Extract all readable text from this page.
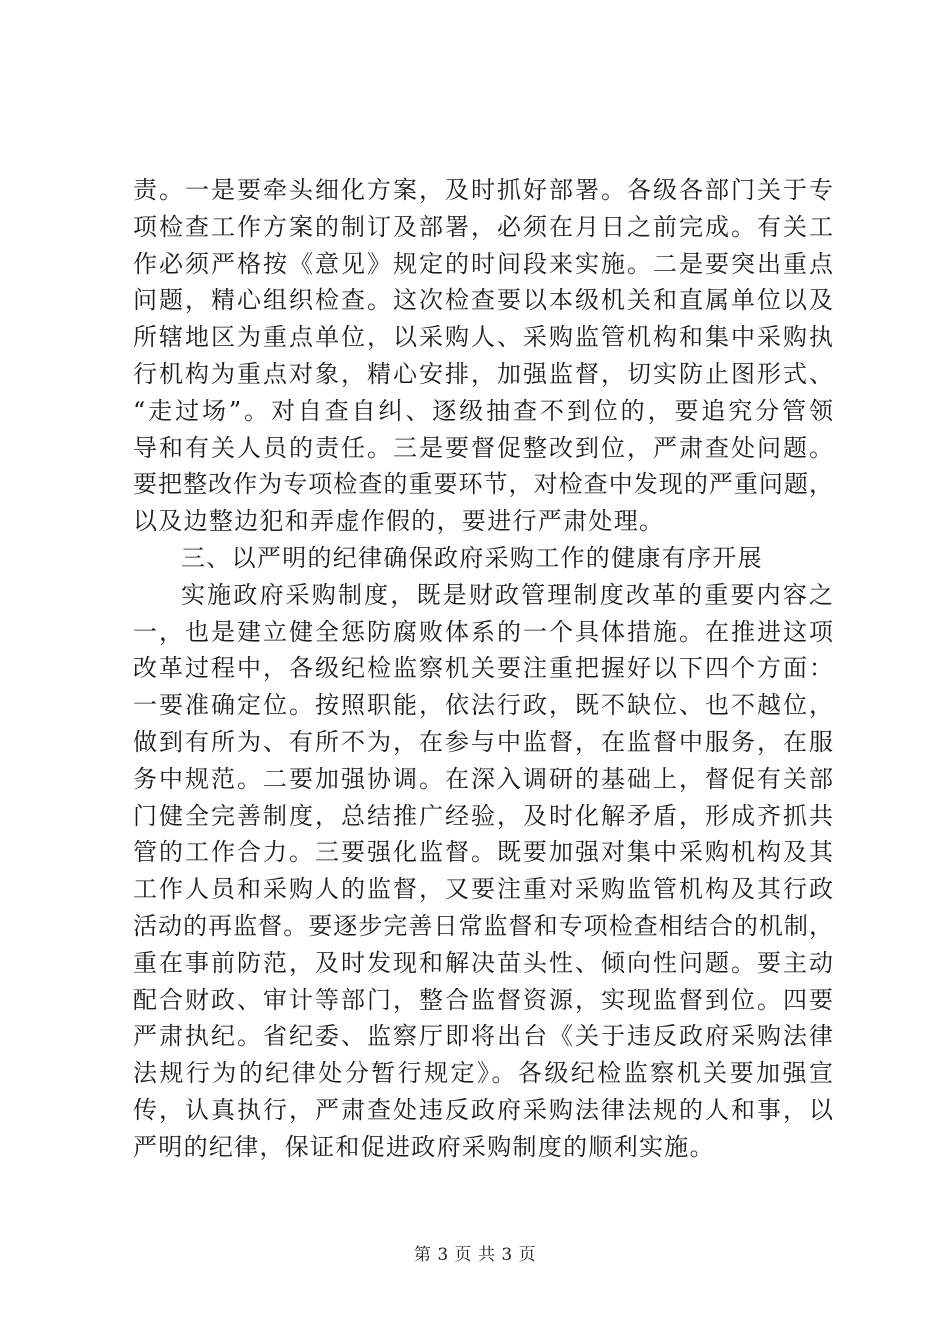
责。一是要牵头细化方案，及时抓好部署。各级各部门关于专
项检查工作方案的制订及部署，必须在月日之前完成。有关工
作必须严格按《意见》规定的时间段来实施。二是要突出重点
问题，精心组织检查。这次检查要以本级机关和直属单位以及
所辖地区为重点单位，以采购人、采购监管机构和集中采购执
行机构为重点对象，精心安排，加强监督，切实防止图形式、
“走过场”。对自查自纠、逐级抽查不到位的，要追究分管领
导和有关人员的责任。三是要督促整改到位，严肃查处问题。
要把整改作为专项检查的重要环节，对检查中发现的严重问题，
以及边整边犯和弄虚作假的，要进行严肃处理。
三、以严明的纪律确保政府采购工作的健康有序开展
实施政府采购制度，既是财政管理制度改革的重要内容之
一，也是建立健全惩防腐败体系的一个具体措施。在推进这项
改革过程中，各级纪检监察机关要注重把握好以下四个方面：
一要准确定位。按照职能，依法行政，既不缺位、也不越位，
做到有所为、有所不为，在参与中监督，在监督中服务，在服
务中规范。二要加强协调。在深入调研的基础上，督促有关部
门健全完善制度，总结推广经验，及时化解矛盾，形成齐抓共
管的工作合力。三要强化监督。既要加强对集中采购机构及其
工作人员和采购人的监督，又要注重对采购监管机构及其行政
活动的再监督。要逐步完善日常监督和专项检查相结合的机制，
重在事前防范，及时发现和解决苗头性、倾向性问题。要主动
配合财政、审计等部门，整合监督资源，实现监督到位。四要
严肃执纪。省纪委、监察厅即将出台《关于违反政府采购法律
法规行为的纪律处分暂行规定》。各级纪检监察机关要加强宣
传，认真执行，严肃查处违反政府采购法律法规的人和事，以
严明的纪律，保证和促进政府采购制度的顺利实施。
第 3 页 共 3 页
